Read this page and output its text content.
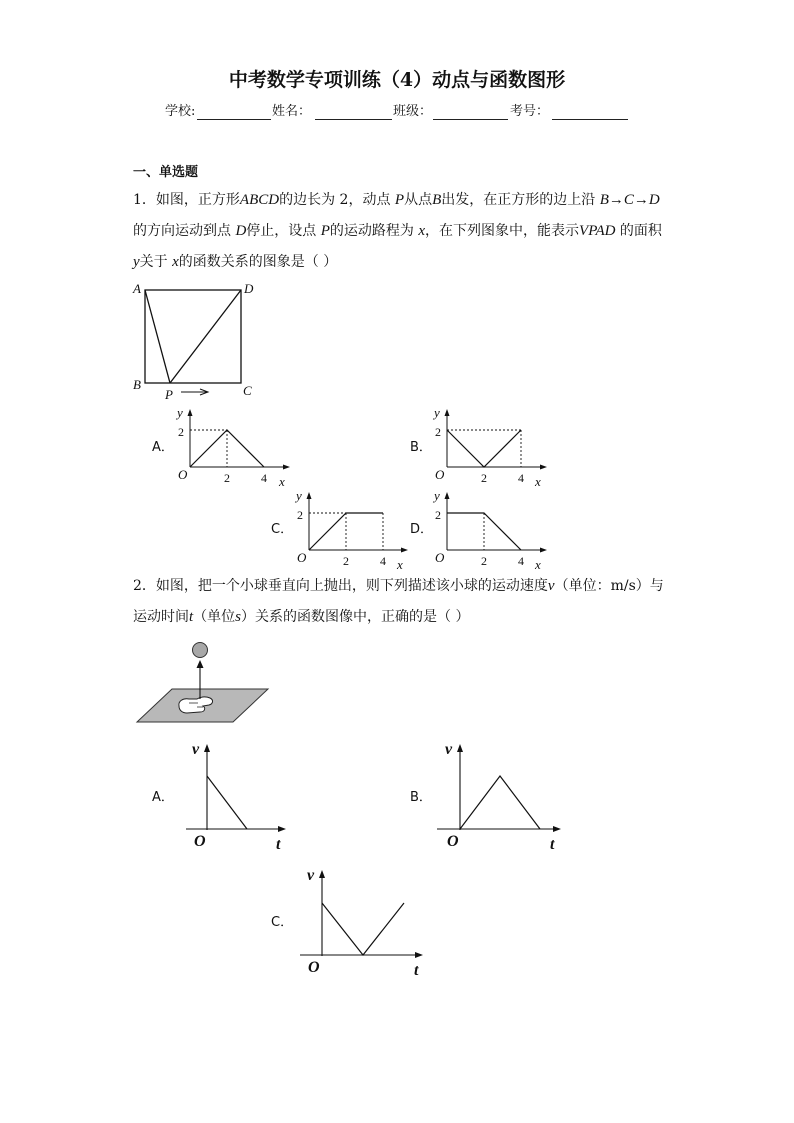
中考数学专项训练（4）动点与函数图形
学校:	姓名：	班级：	考号：
一、单选题
1．如图，正方形ABCD的边长为 2，动点 P从点B出发，在正方形的边上沿 B→C→D
的方向运动到点 D停止，设点 P的运动路程为 x，在下列图象中，能表示VPAD 的面积
y关于 x的函数关系的图象是（ ）
A	D
B	C
P
A．	B．
C．	D．
y
2
O	2	4 x
y
2
O	2	4 x
y
2
O	2	4 x
y
2
O	2	4 x
2．如图，把一个小球垂直向上抛出，则下列描述该小球的运动速度v（单位：m/s）与
运动时间t（单位s）关系的函数图像中，正确的是（ ）
A．	B．
C．
v
O	t
v
O	t
v
O	t
